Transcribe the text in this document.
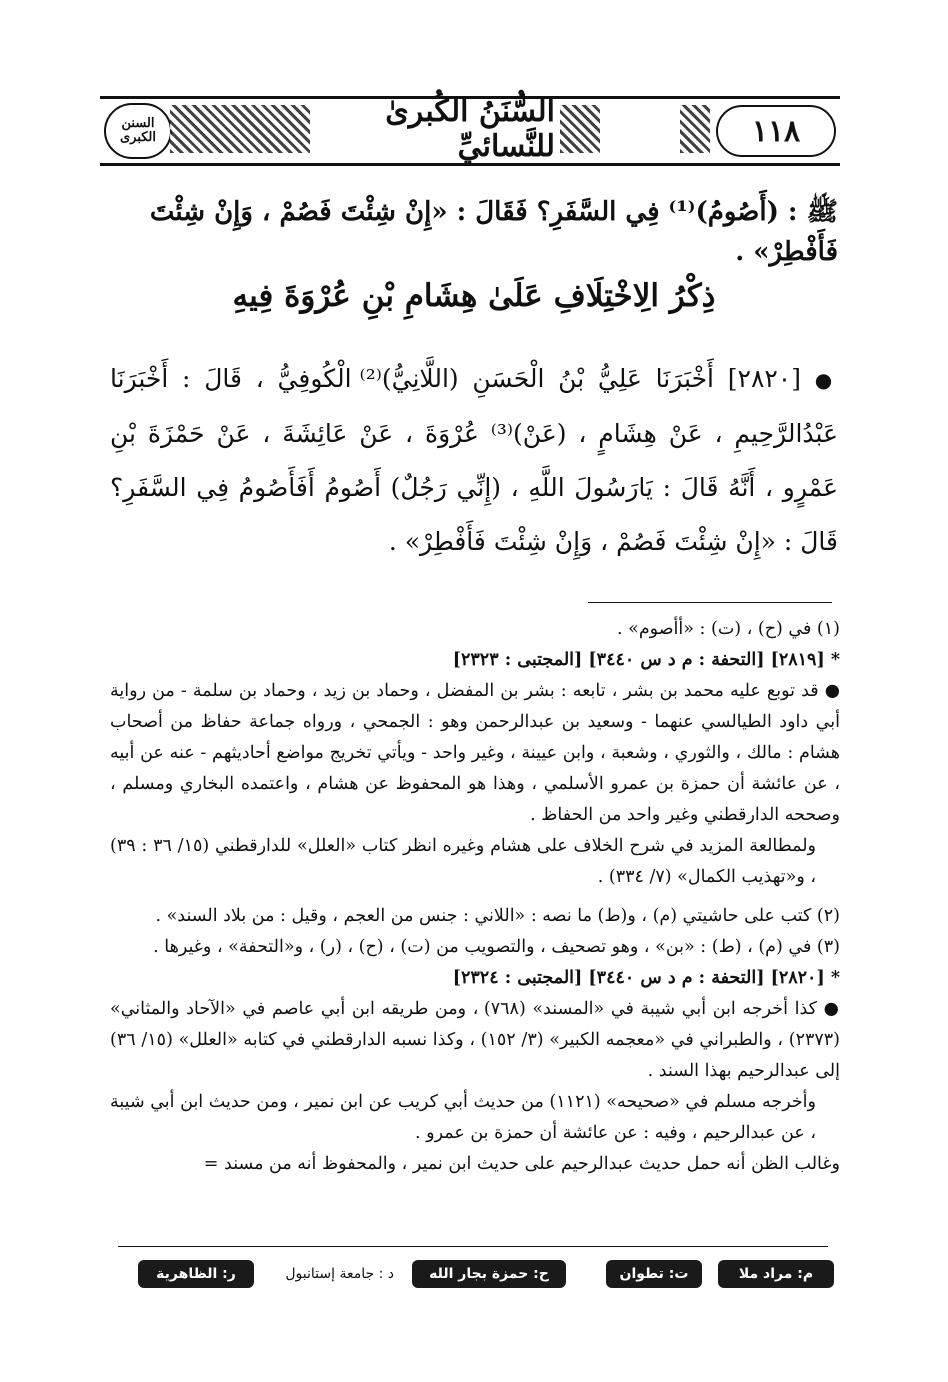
السنن الكبرى
السُّنَنُ الكُبرىٰ للنَّسائيِّ	١١٨
ﷺ : (أَصُومُ)⁽¹⁾ فِي السَّفَرِ؟ فَقَالَ : «إِنْ شِئْتَ فَصُمْ ، وَإِنْ شِئْتَ فَأَفْطِرْ» .
ذِكْرُ الِاخْتِلَافِ عَلَىٰ هِشَامِ بْنِ عُرْوَةَ فِيهِ
● [٢٨٢٠] أَخْبَرَنَا عَلِيُّ بْنُ الْحَسَنِ (اللَّانِيُّ)⁽²⁾ الْكُوفِيُّ ، قَالَ : أَخْبَرَنَا عَبْدُالرَّحِيمِ ، عَنْ هِشَامٍ ، (عَنْ)⁽³⁾ عُرْوَةَ ، عَنْ عَائِشَةَ ، عَنْ حَمْزَةَ بْنِ عَمْرٍو ، أَنَّهُ قَالَ : يَارَسُولَ اللَّهِ ، (إِنِّي رَجُلٌ) أَصُومُ أَفَأَصُومُ فِي السَّفَرِ؟ قَالَ : «إِنْ شِئْتَ فَصُمْ ، وَإِنْ شِئْتَ فَأَفْطِرْ» .

(١) في (ح) ، (ت) : «أأصوم» .

* [٢٨١٩] [التحفة : م د س ٣٤٤٠] [المجتبى : ٢٣٢٣]

● قد توبع عليه محمد بن بشر ، تابعه : بشر بن المفضل ، وحماد بن زيد ، وحماد بن سلمة - من رواية أبي داود الطيالسي عنهما - وسعيد بن عبدالرحمن وهو : الجمحي ، ورواه جماعة حفاظ من أصحاب هشام : مالك ، والثوري ، وشعبة ، وابن عيينة ، وغير واحد - ويأتي تخريج مواضع أحاديثهم - عنه عن أبيه ، عن عائشة أن حمزة بن عمرو الأسلمي ، وهذا هو المحفوظ عن هشام ، واعتمده البخاري ومسلم ، وصححه الدارقطني وغير واحد من الحفاظ .

ولمطالعة المزيد في شرح الخلاف على هشام وغيره انظر كتاب «العلل» للدارقطني (١٥/ ٣٦ : ٣٩) ، و«تهذيب الكمال» (٧/ ٣٣٤) .

(٢) كتب على حاشيتي (م) ، و(ط) ما نصه : «اللاني : جنس من العجم ، وقيل : من بلاد السند» .

(٣) في (م) ، (ط) : «بن» ، وهو تصحيف ، والتصويب من (ت) ، (ح) ، (ر) ، و«التحفة» ، وغيرها .

* [٢٨٢٠] [التحفة : م د س ٣٤٤٠] [المجتبى : ٢٣٢٤]

● كذا أخرجه ابن أبي شيبة في «المسند» (٧٦٨) ، ومن طريقه ابن أبي عاصم في «الآحاد والمثاني» (٢٣٧٣) ، والطبراني في «معجمه الكبير» (٣/ ١٥٢) ، وكذا نسبه الدارقطني في كتابه «العلل» (١٥/ ٣٦) إلى عبدالرحيم بهذا السند .

وأخرجه مسلم في «صحيحه» (١١٢١) من حديث أبي كريب عن ابن نمير ، ومن حديث ابن أبي شيبة ، عن عبدالرحيم ، وفيه : عن عائشة أن حمزة بن عمرو .

وغالب الظن أنه حمل حديث عبدالرحيم على حديث ابن نمير ، والمحفوظ أنه من مسند =

م: مراد ملا
ت: تطوان
ح: حمزة بجار الله
د : جامعة إستانبول
ر: الظاهرية
